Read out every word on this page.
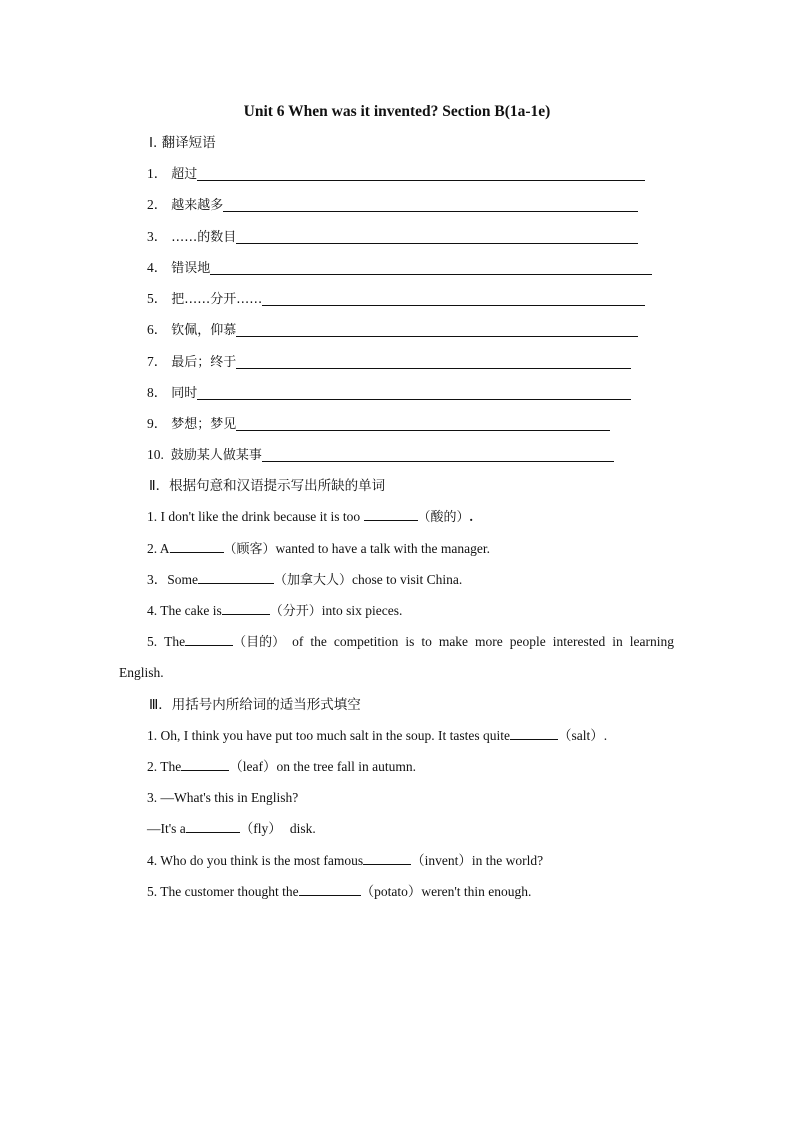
Unit 6 When was it invented? Section B(1a-1e)
Ⅰ. 翻译短语
1． 超过
2． 越来越多
3． ……的数目
4． 错误地
5． 把……分开……
6． 钦佩，仰慕
7． 最后；终于
8． 同时
9． 梦想；梦见
10. 鼓励某人做某事
Ⅱ．根据句意和汉语提示写出所缺的单词
1. I don't like the drink because it is too	（酸的） .
2. A	（顾客） wanted to have a talk with the manager.
3．Some	（加拿大人） chose to visit China.
4. The cake is	（分开） into six pieces.
5. The	（目的） of the competition is to make more people interested in learning
English.
Ⅲ．用括号内所给词的适当形式填空
1. Oh, I think you have put too much salt in the soup. It tastes quite	（salt） .
2. The	（leaf） on the tree fall in autumn.
3. —What's this in English?
—It's a	（fly） disk.
4. Who do you think is the most famous	（invent） in the world?
5. The customer thought the	（potato） weren't thin enough.
